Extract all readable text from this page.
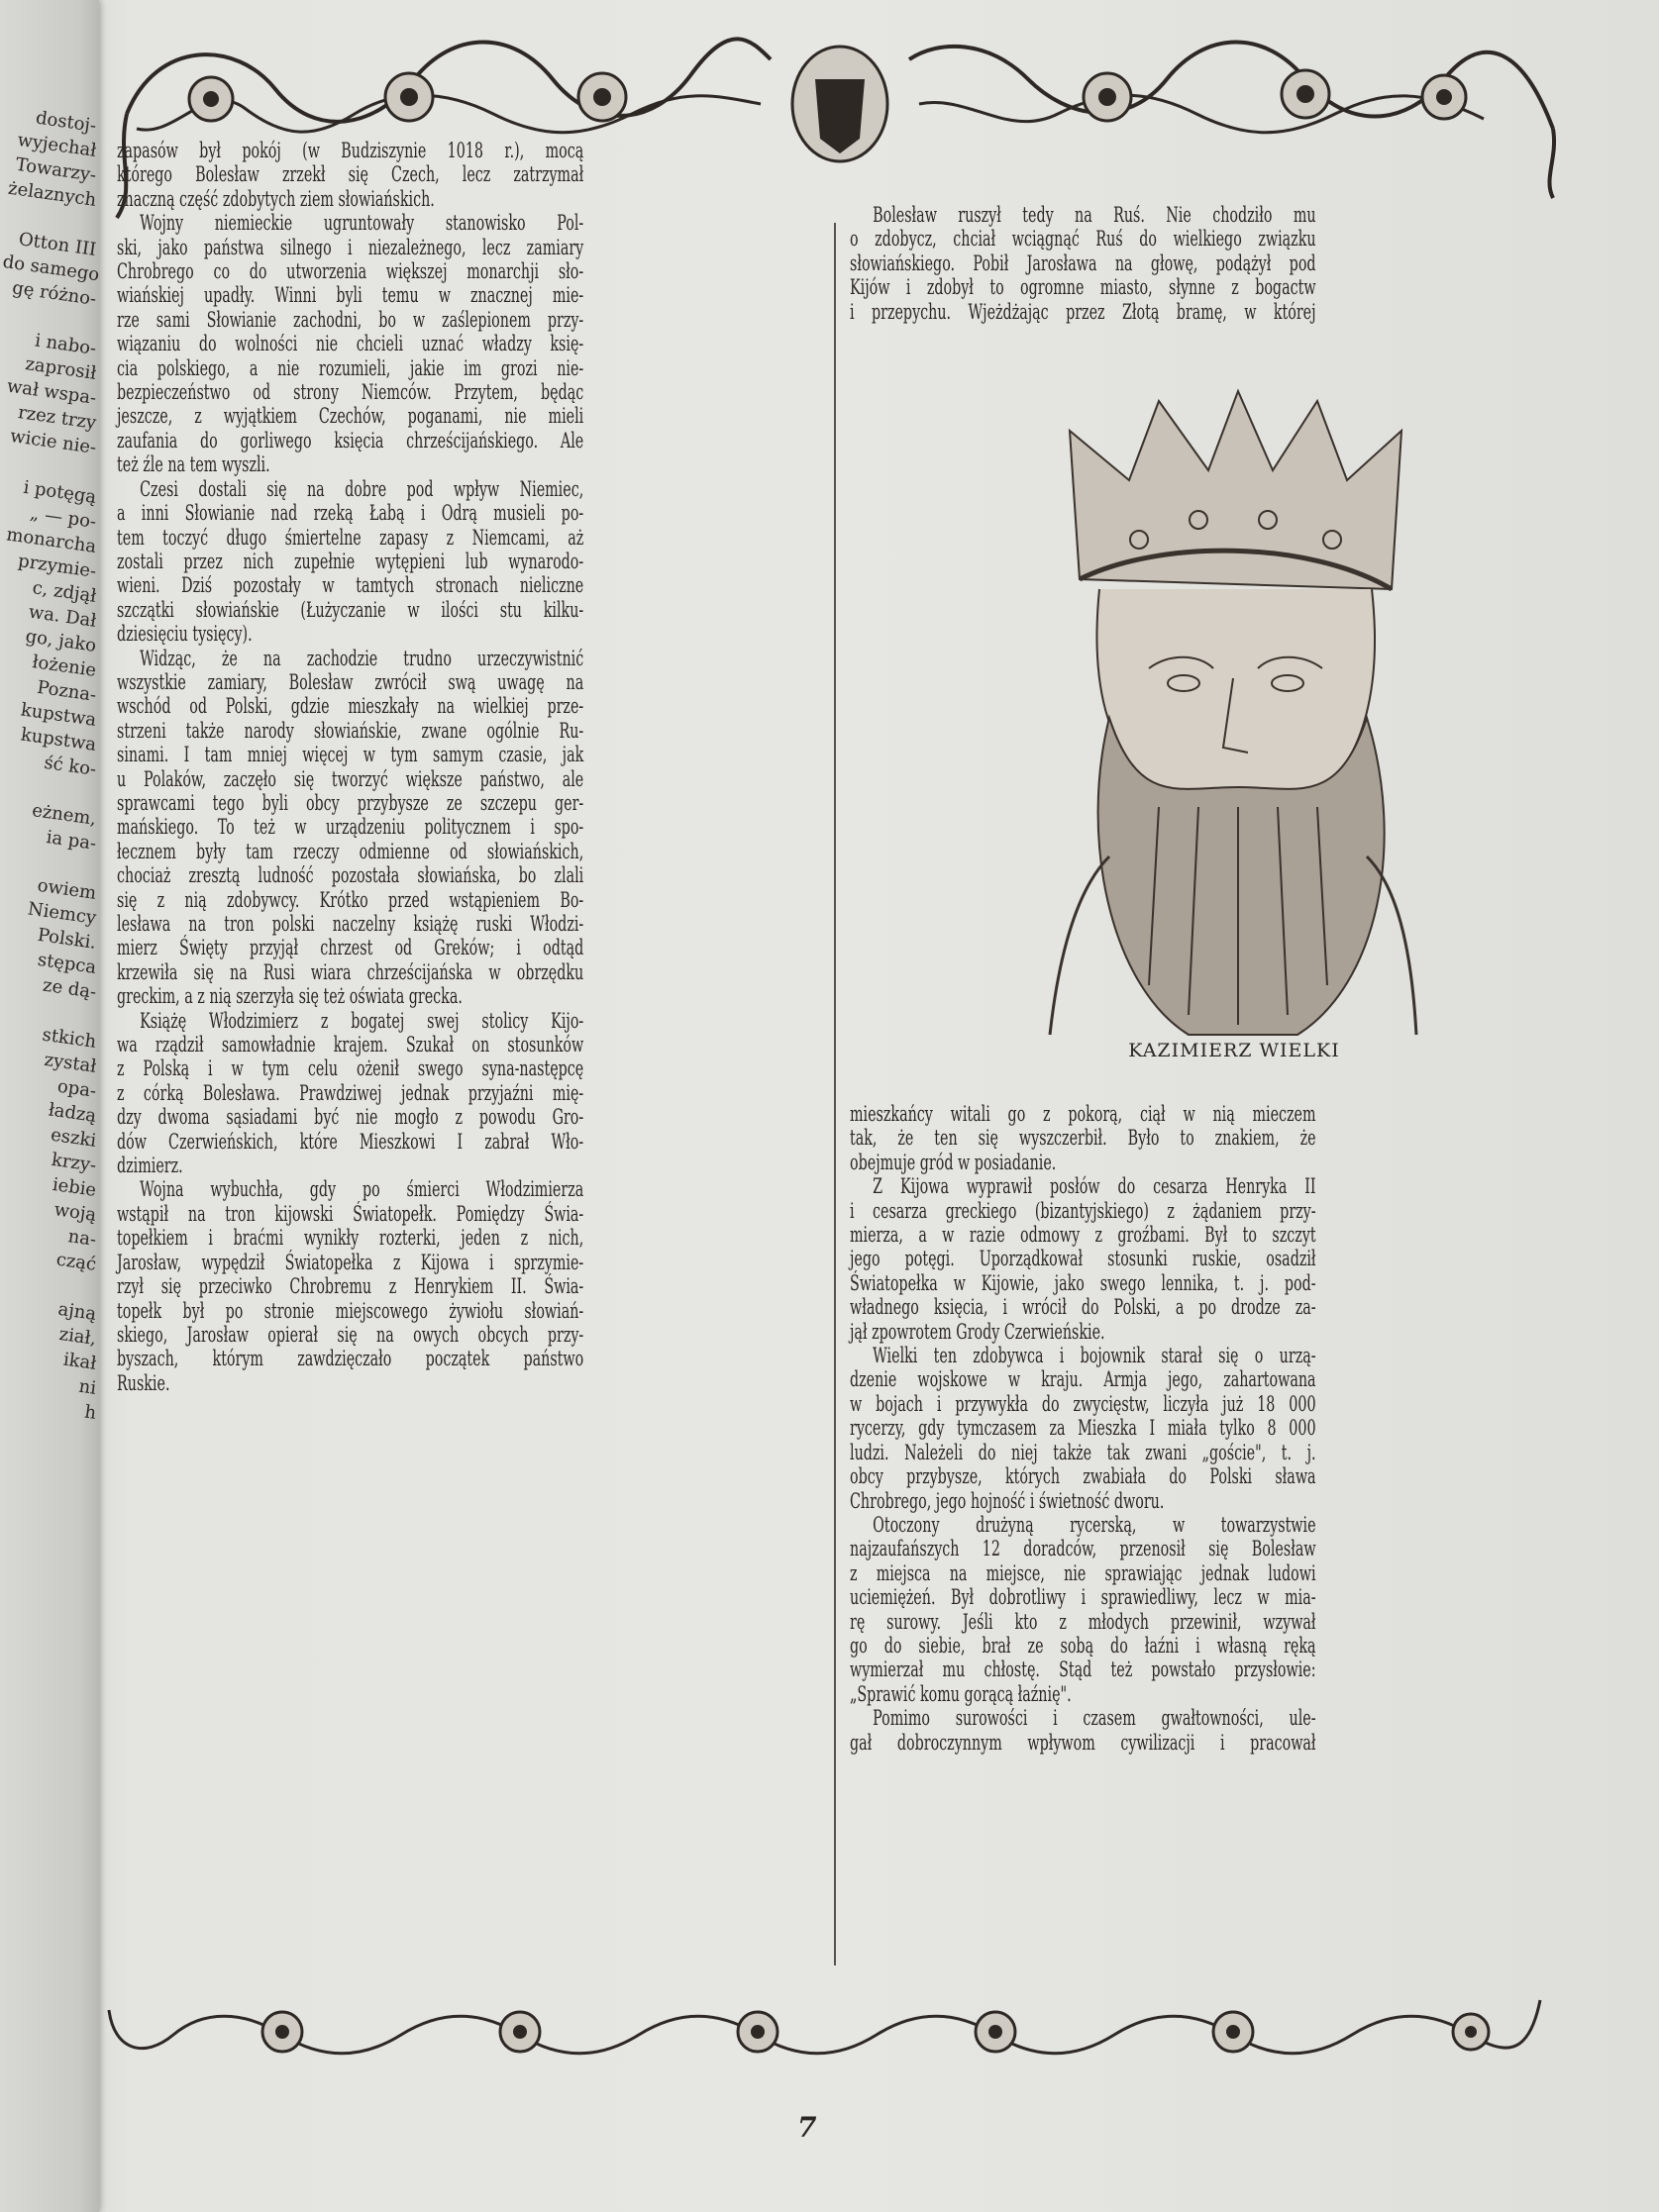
dostoj-
wyjechał
Towarzy-
żelaznych

Otton III
do samego
gę różno-

i nabo-
zaprosił
wał wspa-
rzez trzy
wicie nie-

i potęgą
„ — po-
monarcha
przymie-
c, zdjął
wa. Dał
go, jako
łożenie
Pozna-
kupstwa
kupstwa
ść ko-

eżnem,
ia pa-

owiem
Niemcy
Polski.
stępca
ze dą-

stkich
zystał
opa-
ładzą
eszki
krzy-
iebie
woją
na-
cząć

ajną
ział,
ikał
ni
h
zapasów był pokój (w Budziszynie 1018 r.), mocą
którego Bolesław zrzekł się Czech, lecz zatrzymał
znaczną część zdobytych ziem słowiańskich.
Wojny niemieckie ugruntowały stanowisko Pol-
ski, jako państwa silnego i niezależnego, lecz zamiary
Chrobrego co do utworzenia większej monarchji sło-
wiańskiej upadły. Winni byli temu w znacznej mie-
rze sami Słowianie zachodni, bo w zaślepionem przy-
wiązaniu do wolności nie chcieli uznać władzy księ-
cia polskiego, a nie rozumieli, jakie im grozi nie-
bezpieczeństwo od strony Niemców. Przytem, będąc
jeszcze, z wyjątkiem Czechów, poganami, nie mieli
zaufania do gorliwego księcia chrześcijańskiego. Ale
też źle na tem wyszli.
Czesi dostali się na dobre pod wpływ Niemiec,
a inni Słowianie nad rzeką Łabą i Odrą musieli po-
tem toczyć długo śmiertelne zapasy z Niemcami, aż
zostali przez nich zupełnie wytępieni lub wynarodo-
wieni. Dziś pozostały w tamtych stronach nieliczne
szczątki słowiańskie (Łużyczanie w ilości stu kilku-
dziesięciu tysięcy).
Widząc, że na zachodzie trudno urzeczywistnić
wszystkie zamiary, Bolesław zwrócił swą uwagę na
wschód od Polski, gdzie mieszkały na wielkiej prze-
strzeni także narody słowiańskie, zwane ogólnie Ru-
sinami. I tam mniej więcej w tym samym czasie, jak
u Polaków, zaczęło się tworzyć większe państwo, ale
sprawcami tego byli obcy przybysze ze szczepu ger-
mańskiego. To też w urządzeniu politycznem i spo-
łecznem były tam rzeczy odmienne od słowiańskich,
chociaż zresztą ludność pozostała słowiańska, bo zlali
się z nią zdobywcy. Krótko przed wstąpieniem Bo-
lesława na tron polski naczelny książę ruski Włodzi-
mierz Święty przyjął chrzest od Greków; i odtąd
krzewiła się na Rusi wiara chrześcijańska w obrzędku
greckim, a z nią szerzyła się też oświata grecka.
Książę Włodzimierz z bogatej swej stolicy Kijo-
wa rządził samowładnie krajem. Szukał on stosunków
z Polską i w tym celu ożenił swego syna-następcę
z córką Bolesława. Prawdziwej jednak przyjaźni mię-
dzy dwoma sąsiadami być nie mogło z powodu Gro-
dów Czerwieńskich, które Mieszkowi I zabrał Wło-
dzimierz.
Wojna wybuchła, gdy po śmierci Włodzimierza
wstąpił na tron kijowski Światopełk. Pomiędzy Świa-
topełkiem i braćmi wynikły rozterki, jeden z nich,
Jarosław, wypędził Światopełka z Kijowa i sprzymie-
rzył się przeciwko Chrobremu z Henrykiem II. Świa-
topełk był po stronie miejscowego żywiołu słowiań-
skiego, Jarosław opierał się na owych obcych przy-
byszach, którym zawdzięczało początek państwo
Ruskie.
Bolesław ruszył tedy na Ruś. Nie chodziło mu
o zdobycz, chciał wciągnąć Ruś do wielkiego związku
słowiańskiego. Pobił Jarosława na głowę, podążył pod
Kijów i zdobył to ogromne miasto, słynne z bogactw
i przepychu. Wjeżdżając przez Złotą bramę, w której
KAZIMIERZ WIELKI
mieszkańcy witali go z pokorą, ciął w nią mieczem
tak, że ten się wyszczerbił. Było to znakiem, że
obejmuje gród w posiadanie.
Z Kijowa wyprawił posłów do cesarza Henryka II
i cesarza greckiego (bizantyjskiego) z żądaniem przy-
mierza, a w razie odmowy z groźbami. Był to szczyt
jego potęgi. Uporządkował stosunki ruskie, osadził
Światopełka w Kijowie, jako swego lennika, t. j. pod-
władnego księcia, i wrócił do Polski, a po drodze za-
jął zpowrotem Grody Czerwieńskie.
Wielki ten zdobywca i bojownik starał się o urzą-
dzenie wojskowe w kraju. Armja jego, zahartowana
w bojach i przywykła do zwycięstw, liczyła już 18 000
rycerzy, gdy tymczasem za Mieszka I miała tylko 8 000
ludzi. Należeli do niej także tak zwani „goście", t. j.
obcy przybysze, których zwabiała do Polski sława
Chrobrego, jego hojność i świetność dworu.
Otoczony drużyną rycerską, w towarzystwie
najzaufańszych 12 doradców, przenosił się Bolesław
z miejsca na miejsce, nie sprawiając jednak ludowi
uciemiężeń. Był dobrotliwy i sprawiedliwy, lecz w mia-
rę surowy. Jeśli kto z młodych przewinił, wzywał
go do siebie, brał ze sobą do łaźni i własną ręką
wymierzał mu chłostę. Stąd też powstało przysłowie:
„Sprawić komu gorącą łaźnię".
Pomimo surowości i czasem gwałtowności, ule-
gał dobroczynnym wpływom cywilizacji i pracował
7
